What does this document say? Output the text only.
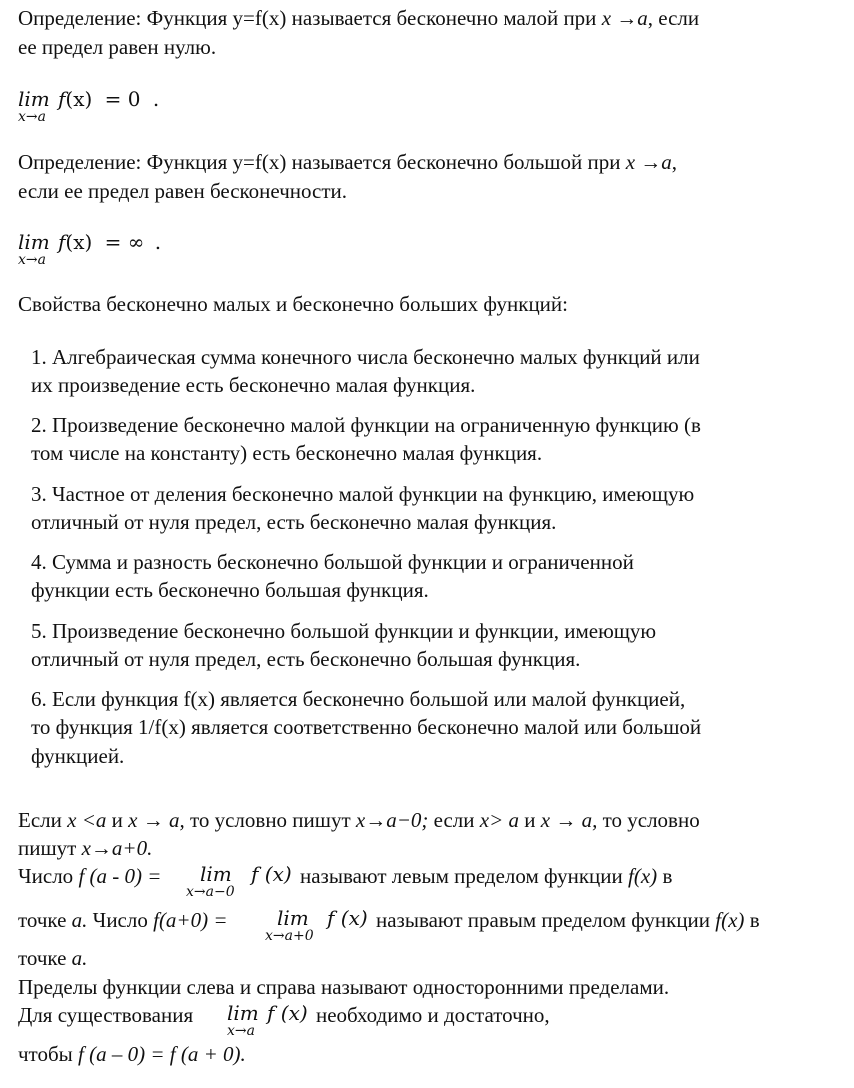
Определение: Функция y=f(x) называется бесконечно малой при x →a, если
ее предел равен нулю.
lim
x→a
f(x) = 0 .
Определение: Функция y=f(x) называется бесконечно большой при x →a,
если ее предел равен бесконечности.
lim
x→a
f(x) = ∞ .
Свойства бесконечно малых и бесконечно больших функций:
1. Алгебраическая сумма конечного числа бесконечно малых функций или
их произведение есть бесконечно малая функция.
2. Произведение бесконечно малой функции на ограниченную функцию (в
том числе на константу) есть бесконечно малая функция.
3. Частное от деления бесконечно малой функции на функцию, имеющую
отличный от нуля предел, есть бесконечно малая функция.
4. Сумма и разность бесконечно большой функции и ограниченной
функции есть бесконечно большая функция.
5. Произведение бесконечно большой функции и функции, имеющую
отличный от нуля предел, есть бесконечно большая функция.
6. Если функция f(x) является бесконечно большой или малой функцией,
то функция 1/f(x) является соответственно бесконечно малой или большой
функцией.
Если x <a и x → a, то условно пишут x→a−0; если x> a и x → a, то условно
пишут x→a+0.
Число f (a - 0) = lim
x→a−0
f (x) называют левым пределом функции f(x) в
точке a. Число f(a+0) = lim
x→a+0
f (x) называют правым пределом функции f(x) в
точке a.
Пределы функции слева и справа называют односторонними пределами.
Для существования lim
x→a
f (x) необходимо и достаточно,
чтобы f (a – 0) = f (a + 0).
